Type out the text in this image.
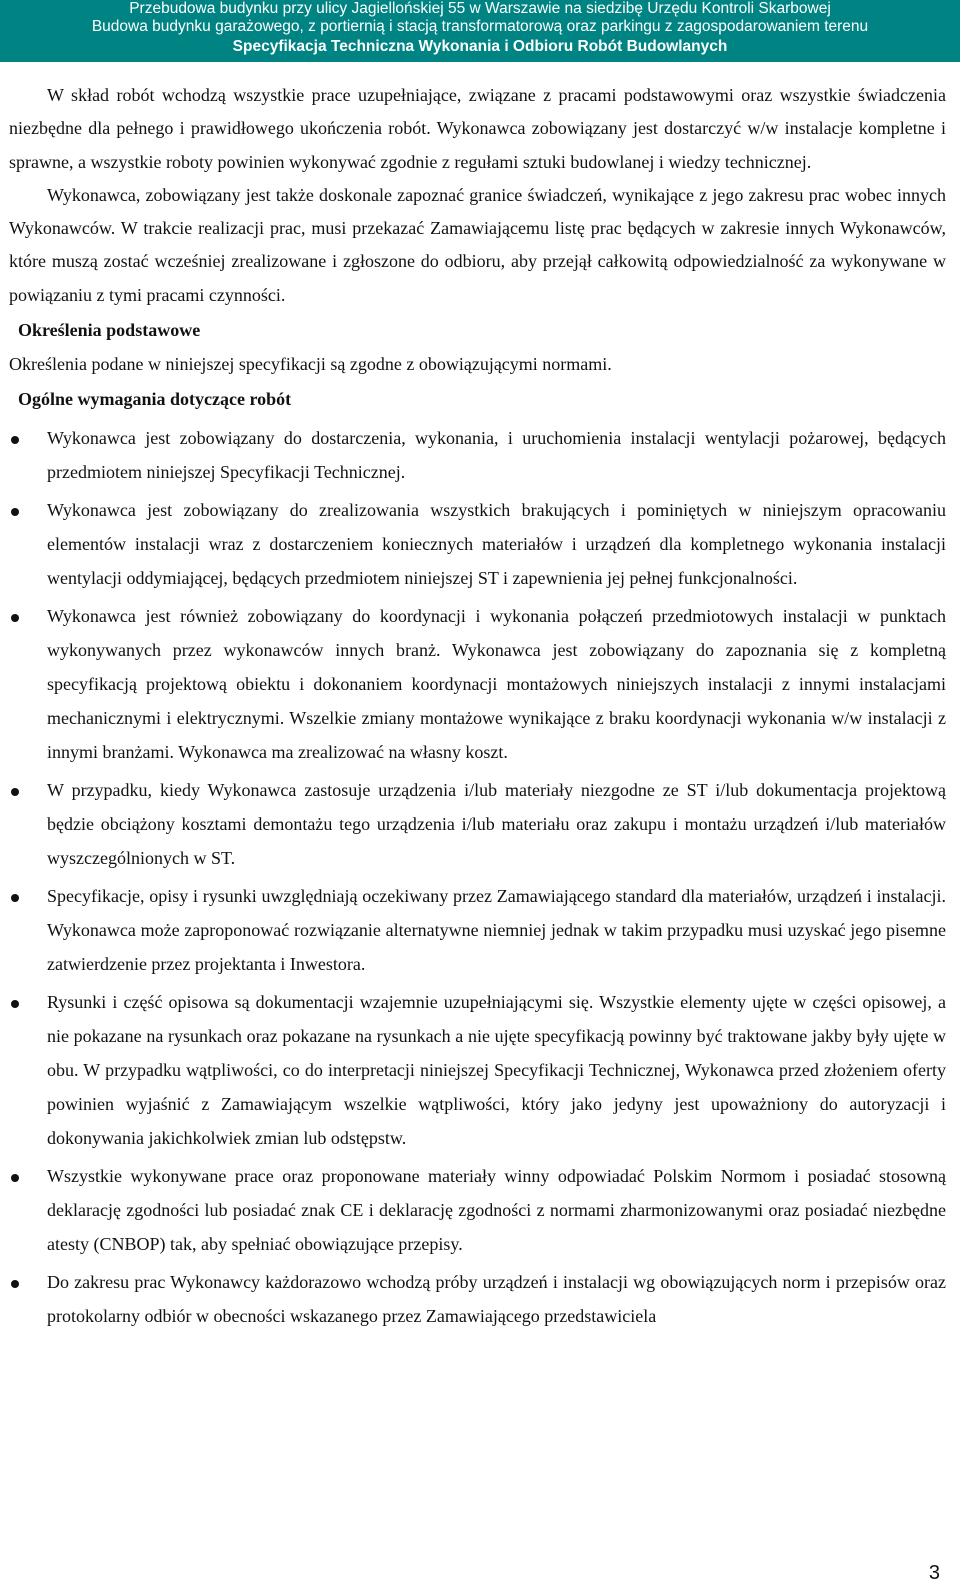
Przebudowa budynku przy ulicy Jagiellońskiej 55 w Warszawie na siedzibę Urzędu Kontroli Skarbowej
Budowa budynku garażowego, z portiernią i stacją transformatorową oraz parkingu z zagospodarowaniem terenu
Specyfikacja Techniczna Wykonania i Odbioru Robót Budowlanych
W skład robót wchodzą wszystkie prace uzupełniające, związane z pracami podstawowymi oraz wszystkie świadczenia niezbędne dla pełnego i prawidłowego ukończenia robót. Wykonawca zobowiązany jest dostarczyć w/w instalacje kompletne i sprawne, a wszystkie roboty powinien wykonywać zgodnie z regułami sztuki budowlanej i wiedzy technicznej.
Wykonawca, zobowiązany jest także doskonale zapoznać granice świadczeń, wynikające z jego zakresu prac wobec innych Wykonawców. W trakcie realizacji prac, musi przekazać Zamawiającemu listę prac będących w zakresie innych Wykonawców, które muszą zostać wcześniej zrealizowane i zgłoszone do odbioru, aby przejął całkowitą odpowiedzialność za wykonywane w powiązaniu z tymi pracami czynności.
Określenia podstawowe
Określenia podane w niniejszej specyfikacji są zgodne z obowiązującymi normami.
Ogólne wymagania dotyczące robót
Wykonawca jest zobowiązany do dostarczenia, wykonania, i uruchomienia instalacji wentylacji pożarowej, będących przedmiotem niniejszej Specyfikacji Technicznej.
Wykonawca jest zobowiązany do zrealizowania wszystkich brakujących i pominiętych w niniejszym opracowaniu elementów instalacji wraz z dostarczeniem koniecznych materiałów i urządzeń dla kompletnego wykonania instalacji wentylacji oddymiającej, będących przedmiotem niniejszej ST i zapewnienia jej pełnej funkcjonalności.
Wykonawca jest również zobowiązany do koordynacji i wykonania połączeń przedmiotowych instalacji w punktach wykonywanych przez wykonawców innych branż. Wykonawca jest zobowiązany do zapoznania się z kompletną specyfikacją projektową obiektu i dokonaniem koordynacji montażowych niniejszych instalacji z innymi instalacjami mechanicznymi i elektrycznymi. Wszelkie zmiany montażowe wynikające z braku koordynacji wykonania w/w instalacji z innymi branżami. Wykonawca ma zrealizować na własny koszt.
W przypadku, kiedy Wykonawca zastosuje urządzenia i/lub materiały niezgodne ze ST i/lub dokumentacja projektową będzie obciążony kosztami demontażu tego urządzenia i/lub materiału oraz zakupu i montażu urządzeń i/lub materiałów wyszczególnionych w ST.
Specyfikacje, opisy i rysunki uwzględniają oczekiwany przez Zamawiającego standard dla materiałów, urządzeń i instalacji. Wykonawca może zaproponować rozwiązanie alternatywne niemniej jednak w takim przypadku musi uzyskać jego pisemne zatwierdzenie przez projektanta i Inwestora.
Rysunki i część opisowa są dokumentacji wzajemnie uzupełniającymi się. Wszystkie elementy ujęte w części opisowej, a nie pokazane na rysunkach oraz pokazane na rysunkach a nie ujęte specyfikacją powinny być traktowane jakby były ujęte w obu. W przypadku wątpliwości, co do interpretacji niniejszej Specyfikacji Technicznej, Wykonawca przed złożeniem oferty powinien wyjaśnić z Zamawiającym wszelkie wątpliwości, który jako jedyny jest upoważniony do autoryzacji i dokonywania jakichkolwiek zmian lub odstępstw.
Wszystkie wykonywane prace oraz proponowane materiały winny odpowiadać Polskim Normom i posiadać stosowną deklarację zgodności lub posiadać znak CE i deklarację zgodności z normami zharmonizowanymi oraz posiadać niezbędne atesty (CNBOP) tak, aby spełniać obowiązujące przepisy.
Do zakresu prac Wykonawcy każdorazowo wchodzą próby urządzeń i instalacji wg obowiązujących norm i przepisów oraz protokolarny odbiór w obecności wskazanego przez Zamawiającego przedstawiciela
3
